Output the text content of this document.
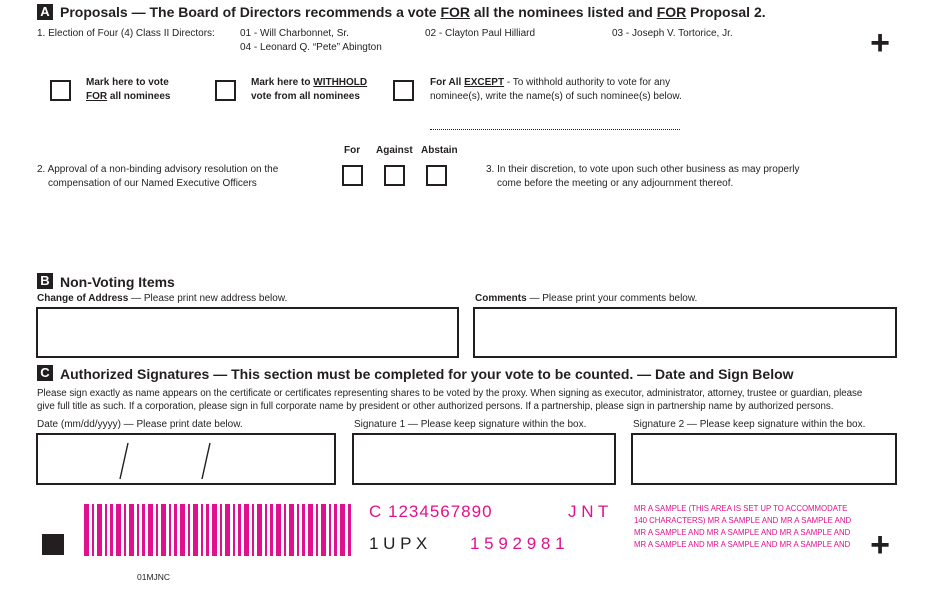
A Proposals — The Board of Directors recommends a vote FOR all the nominees listed and FOR Proposal 2.
1. Election of Four (4) Class II Directors:	01 - Will Charbonnet, Sr.
04 - Leonard Q. “Pete” Abington
02 - Clayton Paul Hilliard	03 - Joseph V. Tortorice, Jr.	+
Mark here to vote
FOR all nominees
Mark here to WITHHOLD
vote from all nominees
For All EXCEPT - To withhold authority to vote for any
nominee(s), write the name(s) of such nominee(s) below.
2. Approval of a non-binding advisory resolution on the
compensation of our Named Executive Officers
For Against Abstain
3. In their discretion, to vote upon such other business as may properly
come before the meeting or any adjournment thereof.
B Non-Voting Items
Change of Address — Please print new address below.	Comments — Please print your comments below.
C Authorized Signatures — This section must be completed for your vote to be counted. — Date and Sign Below
Please sign exactly as name appears on the certificate or certificates representing shares to be voted by the proxy. When signing as executor, administrator, attorney, trustee or guardian, please
give full title as such. If a corporation, please sign in full corporate name by president or other authorized persons. If a partnership, please sign in partnership name by authorized persons.
Date (mm/dd/yyyy) — Please print date below.	Signature 1 — Please keep signature within the box.	Signature 2 — Please keep signature within the box.
C 1234567890	J N T
1 U P X	1 5 9 2 9 8 1
MR A SAMPLE (THIS AREA IS SET UP TO ACCOMMODATE
140 CHARACTERS) MR A SAMPLE AND MR A SAMPLE AND
MR A SAMPLE AND MR A SAMPLE AND MR A SAMPLE AND
MR A SAMPLE AND MR A SAMPLE AND MR A SAMPLE AND +
01MJNC
